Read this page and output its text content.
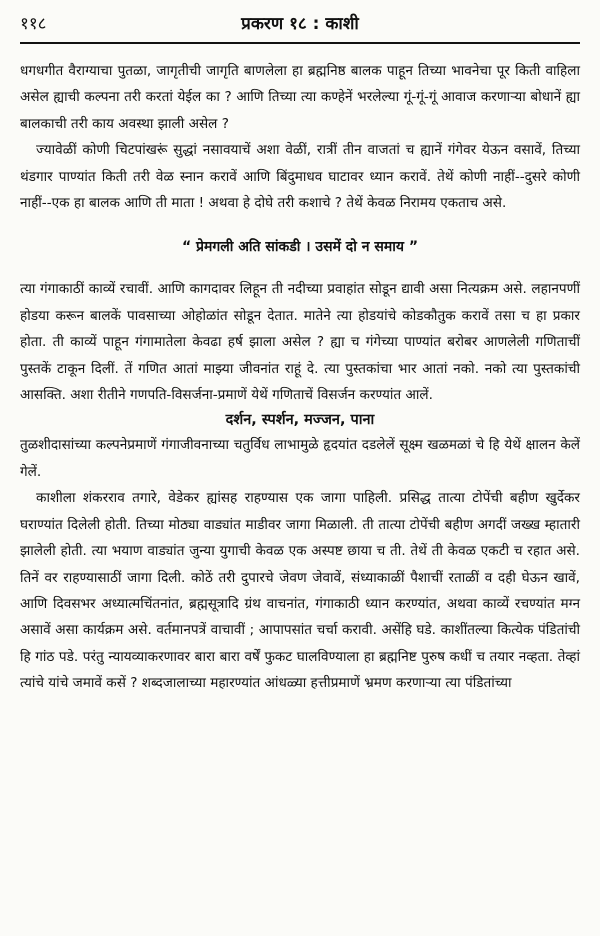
११८	प्रकरण १८ : काशी

धगधगीत वैराग्याचा पुतळा, जागृतीची जागृति बाणलेला हा ब्रह्मनिष्ठ बालक पाहून तिच्या भावनेचा पूर किती वाहिला असेल ह्याची कल्पना तरी करतां येईल का ? आणि तिच्या त्या कण्हेनें भरलेल्या गूं-गूं-गूं आवाज करणाऱ्या बोधानें ह्या बालकाची तरी काय अवस्था झाली असेल ?

ज्यावेळीं कोणी चिटपांखरूं सुद्धां नसावयाचें अशा वेळीं, रात्रीं तीन वाजतां च ह्यानें गंगेवर येऊन वसावें, तिच्या थंडगार पाण्यांत किती तरी वेळ स्नान करावें आणि बिंदुमाधव घाटावर ध्यान करावें. तेथें कोणी नाहीं--दुसरे कोणी नाहीं--एक हा बालक आणि ती माता ! अथवा हे दोघे तरी कशाचे ? तेथें केवळ निरामय एकताच असे.

“ प्रेमगली अति सांकडी । उसमें दो न समाय ”

त्या गंगाकाठीं काव्यें रचावीं. आणि कागदावर लिहून ती नदीच्या प्रवाहांत सोडून द्यावी असा नित्यक्रम असे. लहानपणीं होडया करून बालकें पावसाच्या ओहोळांत सोडून देतात. मातेने त्या होडयांचे कोडकौतुक करावें तसा च हा प्रकार होता. ती काव्यें पाहून गंगामातेला केवढा हर्ष झाला असेल ? ह्या च गंगेच्या पाण्यांत बरोबर आणलेली गणिताचीं पुस्तकें टाकून दिलीं. तें गणित आतां माझ्या जीवनांत राहूं दे. त्या पुस्तकांचा भार आतां नको. नको त्या पुस्तकांची आसक्ति. अशा रीतीने गणपति-विसर्जना-प्रमाणें येथें गणिताचें विसर्जन करण्यांत आलें.

दर्शन, स्पर्शन, मज्जन, पाना

तुळशीदासांच्या कल्पनेप्रमाणें गंगाजीवनाच्या चतुर्विध लाभामुळे हृदयांत दडलेलें सूक्ष्म खळमळां चे हि येथें क्षालन केलें गेलें.

काशीला शंकरराव तगारे, वेडेकर ह्यांसह राहण्यास एक जागा पाहिली. प्रसिद्ध तात्या टोपेंची बहीण खुर्देकर घराण्यांत दिलेली होती. तिच्या मोठ्या वाड्यांत माडीवर जागा मिळाली. ती तात्या टोपेंची बहीण अगदीं जख्ख म्हातारी झालेली होती. त्या भयाण वाड्यांत जुन्या युगाची केवळ एक अस्पष्ट छाया च ती. तेथें ती केवळ एकटी च रहात असे. तिनें वर राहण्यासाठीं जागा दिली. कोठें तरी दुपारचे जेवण जेवावें, संध्याकाळीं पैशाचीं रताळीं व दही घेऊन खावें, आणि दिवसभर अध्यात्मचिंतनांत, ब्रह्मसूत्रादि ग्रंथ वाचनांत, गंगाकाठी ध्यान करण्यांत, अथवा काव्यें रचण्यांत मग्न असावें असा कार्यक्रम असे. वर्तमानपत्रें वाचावीं ; आपापसांत चर्चा करावी. असेंहि घडे. काशींतल्या कित्येक पंडितांची हि गांठ पडे. परंतु न्यायव्याकरणावर बारा बारा वर्षें फुकट घालविण्याला हा ब्रह्मनिष्ट पुरुष कधीं च तयार नव्हता. तेव्हां त्यांचे यांचे जमावें कसें ? शब्दजालाच्या महारण्यांत आंधळ्या हत्तीप्रमाणें भ्रमण करणाऱ्या त्या पंडितांच्या
